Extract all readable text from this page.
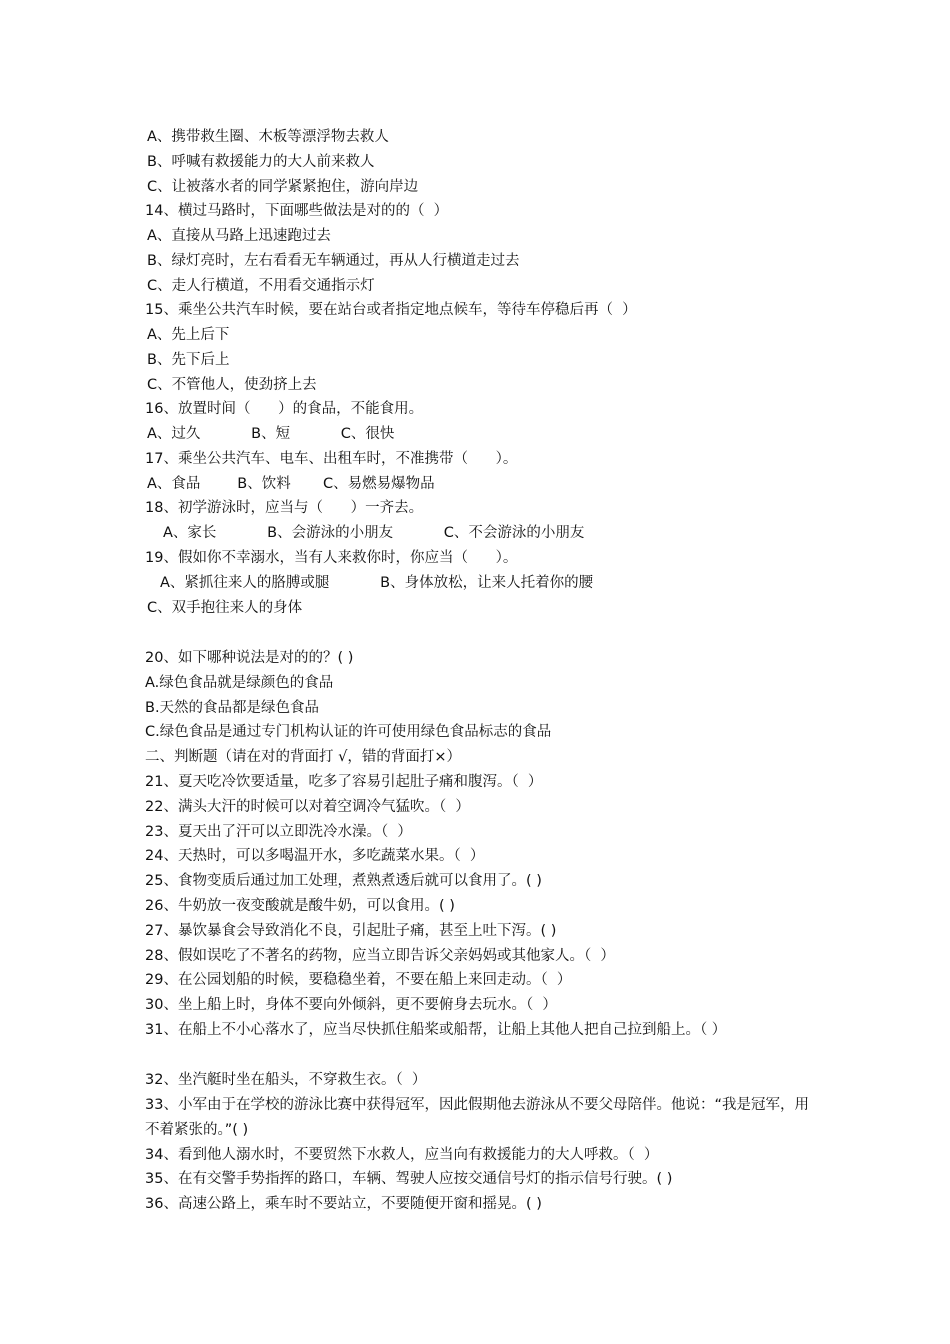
A、携带救生圈、木板等漂浮物去救人
B、呼喊有救援能力的大人前来救人
C、让被落水者的同学紧紧抱住，游向岸边
14、横过马路时，下面哪些做法是对的的（  ）
A、直接从马路上迅速跑过去
B、绿灯亮时，左右看看无车辆通过，再从人行横道走过去
C、走人行横道，不用看交通指示灯
15、乘坐公共汽车时候，要在站台或者指定地点候车，等待车停稳后再（  ）
A、先上后下
B、先下后上
C、不管他人，使劲挤上去
16、放置时间（      ）的食品，不能食用。
A、过久           B、短           C、很快
17、乘坐公共汽车、电车、出租车时，不准携带（      ）。
A、食品        B、饮料       C、易燃易爆物品
18、初学游泳时，应当与（      ）一齐去。
A、家长           B、会游泳的小朋友           C、不会游泳的小朋友
19、假如你不幸溺水，当有人来救你时，你应当（      ）。
A、紧抓往来人的胳膊或腿           B、身体放松，让来人托着你的腰
C、双手抱往来人的身体
20、如下哪种说法是对的的？( )
A.绿色食品就是绿颜色的食品
B.天然的食品都是绿色食品
C.绿色食品是通过专门机构认证的许可使用绿色食品标志的食品
二、判断题（请在对的背面打 √，错的背面打×）
21、夏天吃冷饮要适量，吃多了容易引起肚子痛和腹泻。（  ）
22、满头大汗的时候可以对着空调冷气猛吹。（  ）
23、夏天出了汗可以立即洗冷水澡。（  ）
24、天热时，可以多喝温开水，多吃蔬菜水果。（  ）
25、食物变质后通过加工处理，煮熟煮透后就可以食用了。( )
26、牛奶放一夜变酸就是酸牛奶，可以食用。( )
27、暴饮暴食会导致消化不良，引起肚子痛，甚至上吐下泻。( )
28、假如误吃了不著名的药物，应当立即告诉父亲妈妈或其他家人。（  ）
29、在公园划船的时候，要稳稳坐着，不要在船上来回走动。（  ）
30、坐上船上时，身体不要向外倾斜，更不要俯身去玩水。（  ）
31、在船上不小心落水了，应当尽快抓住船桨或船帮，让船上其他人把自己拉到船上。（ ）
32、坐汽艇时坐在船头，不穿救生衣。（  ）
33、小军由于在学校的游泳比赛中获得冠军，因此假期他去游泳从不要父母陪伴。他说：“我是冠军，用不着紧张的。”( )
34、看到他人溺水时，不要贸然下水救人，应当向有救援能力的大人呼救。（  ）
35、在有交警手势指挥的路口，车辆、驾驶人应按交通信号灯的指示信号行驶。( )
36、高速公路上，乘车时不要站立，不要随便开窗和摇晃。( )
